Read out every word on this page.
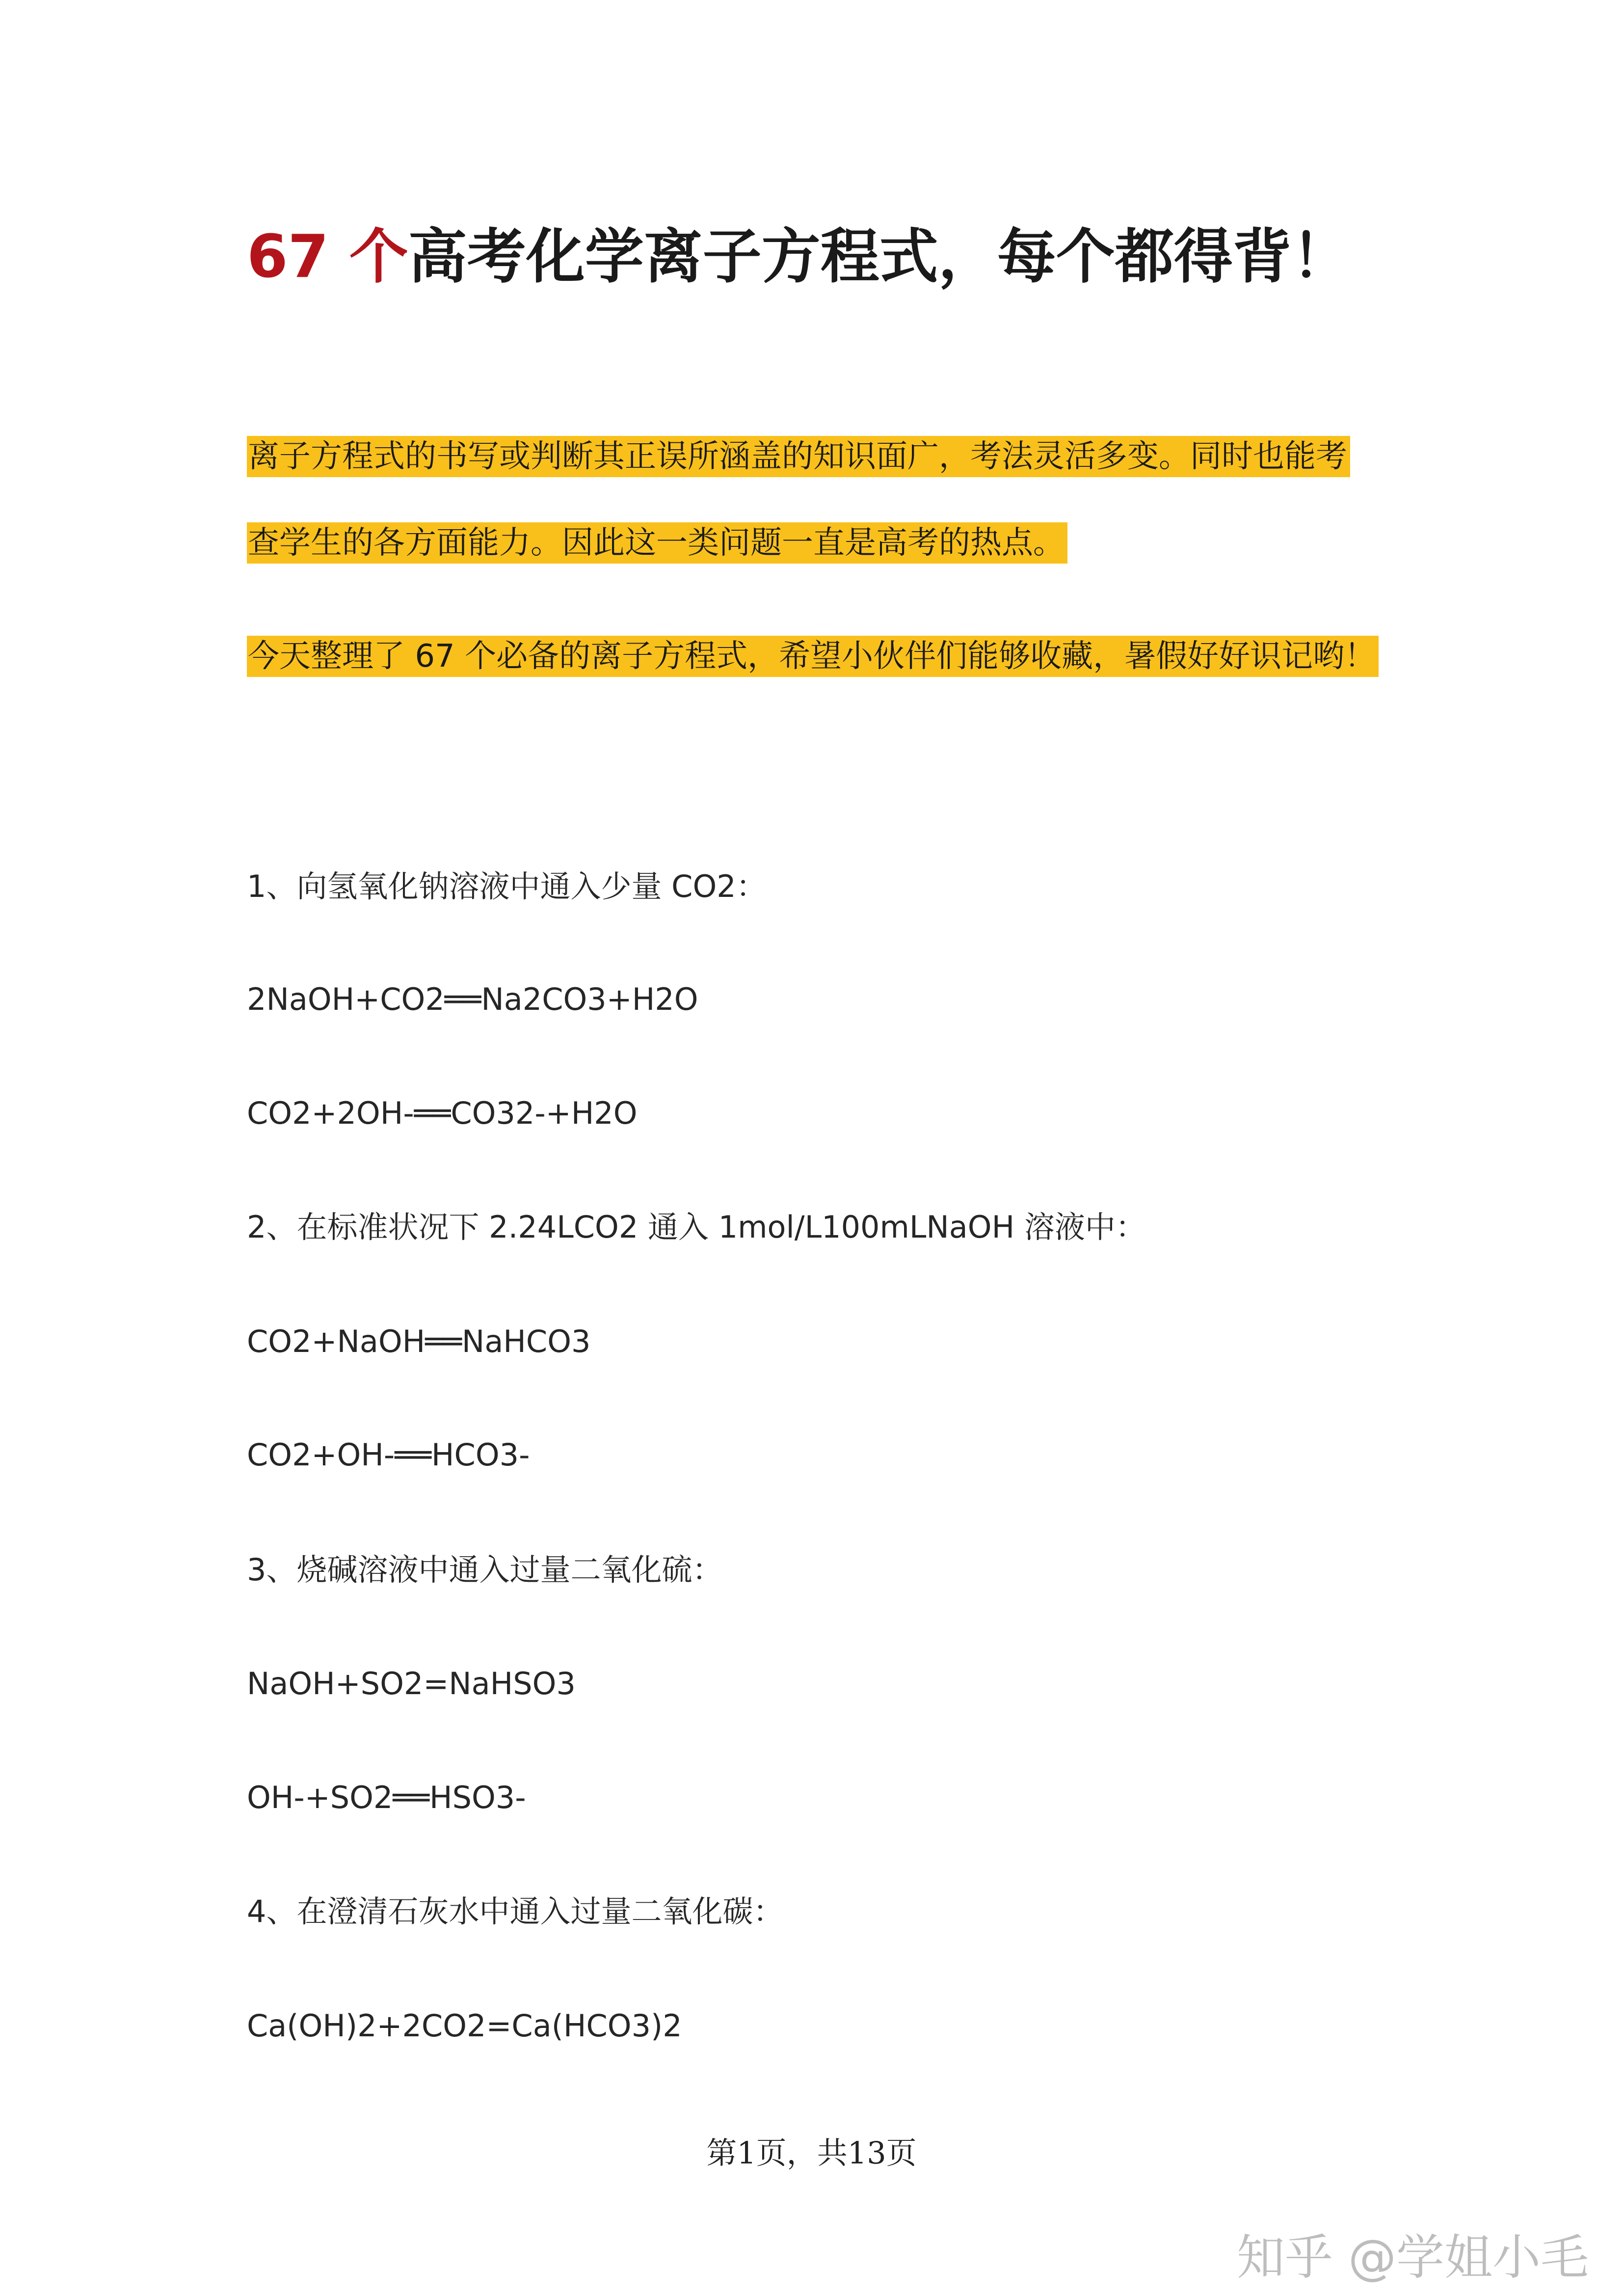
67 个高考化学离子方程式，每个都得背！
离子方程式的书写或判断其正误所涵盖的知识面广，考法灵活多变。同时也能考
查学生的各方面能力。因此这一类问题一直是高考的热点。
今天整理了 67 个必备的离子方程式，希望小伙伴们能够收藏，暑假好好识记哟！
1、向氢氧化钠溶液中通入少量 CO2：
2NaOH+CO2══Na2CO3+H2O
CO2+2OH-══CO32-+H2O
2、在标准状况下 2.24LCO2 通入 1mol/L100mLNaOH 溶液中：
CO2+NaOH══NaHCO3
CO2+OH-══HCO3-
3、烧碱溶液中通入过量二氧化硫：
NaOH+SO2=NaHSO3
OH-+SO2══HSO3-
4、在澄清石灰水中通入过量二氧化碳：
Ca(OH)2+2CO2=Ca(HCO3)2
第1页，共13页
知乎 @学姐小毛
